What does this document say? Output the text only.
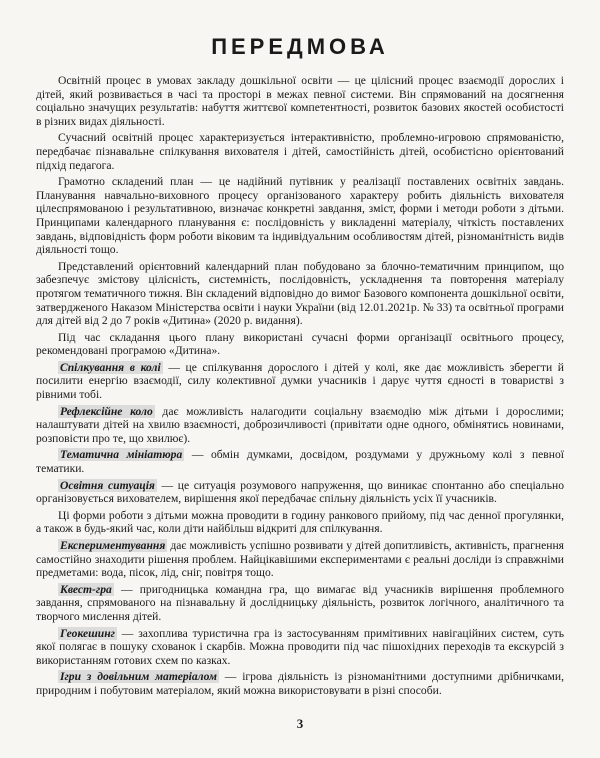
ПЕРЕДМОВА

Освітній процес в умовах закладу дошкільної освіти — це цілісний процес взаємодії дорослих і дітей, який розвивається в часі та просторі в межах певної системи. Він спрямований на досягнення соціально значущих результатів: набуття життєвої компетентності, розвиток базових якостей особистості в різних видах діяльності.

Сучасний освітній процес характеризується інтерактивністю, проблемно-игровою спрямованістю, передбачає пізнавальне спілкування вихователя і дітей, самостійність дітей, особистісно орієнтований підхід педагога.

Грамотно складений план — це надійний путівник у реалізації поставлених освітніх завдань. Планування навчально-виховного процесу організованого характеру робить діяльність вихователя цілеспрямованою і результативною, визначає конкретні завдання, зміст, форми і методи роботи з дітьми. Принципами календарного планування є: послідовність у викладенні матеріалу, чіткість поставлених завдань, відповідність форм роботи віковим та індивідуальним особливостям дітей, різноманітність видів діяльності тощо.

Представлений орієнтовний календарний план побудовано за блочно-тематичним принципом, що забезпечує змістову цілісність, системність, послідовність, ускладнення та повторення матеріалу протягом тематичного тижня. Він складений відповідно до вимог Базового компонента дошкільної освіти, затвердженого Наказом Міністерства освіти і науки України (від 12.01.2021р. № 33) та освітньої програми для дітей від 2 до 7 років «Дитина» (2020 р. видання).

Під час складання цього плану використані сучасні форми організації освітнього процесу, рекомендовані програмою «Дитина».

Спілкування в колі — це спілкування дорослого і дітей у колі, яке дає можливість зберегти й посилити енергію взаємодії, силу колективної думки учасників і дарує чуття єдності в товаристві з рівними тобі.

Рефлексійне коло дає можливість налагодити соціальну взаємодію між дітьми і дорослими; налаштувати дітей на хвилю взаємності, доброзичливості (привітати одне одного, обмінятись новинами, розповісти про те, що хвилює).

Тематична мініатюра — обмін думками, досвідом, роздумами у дружньому колі з певної тематики.

Освітня ситуація — це ситуація розумового напруження, що виникає спонтанно або спеціально організовується вихователем, вирішення якої передбачає спільну діяльність усіх її учасників.

Ці форми роботи з дітьми можна проводити в годину ранкового прийому, під час денної прогулянки, а також в будь-який час, коли діти найбільш відкриті для спілкування.

Експериментування дає можливість успішно розвивати у дітей допитливість, активність, прагнення самостійно знаходити рішення проблем. Найцікавішими експериментами є реальні досліди із справжніми предметами: вода, пісок, лід, сніг, повітря тощо.

Квест-гра — пригодницька командна гра, що вимагає від учасників вирішення проблемного завдання, спрямованого на пізнавальну й дослідницьку діяльність, розвиток логічного, аналітичного та творчого мислення дітей.

Геокешинг — захоплива туристична гра із застосуванням примітивних навігаційних систем, суть якої полягає в пошуку схованок і скарбів. Можна проводити під час пішохідних переходів та екскурсій з використанням готових схем по казках.

Ігри з довільним матеріалом — ігрова діяльність із різноманітними доступними дрібничками, природним і побутовим матеріалом, який можна використовувати в різні способи.

3
